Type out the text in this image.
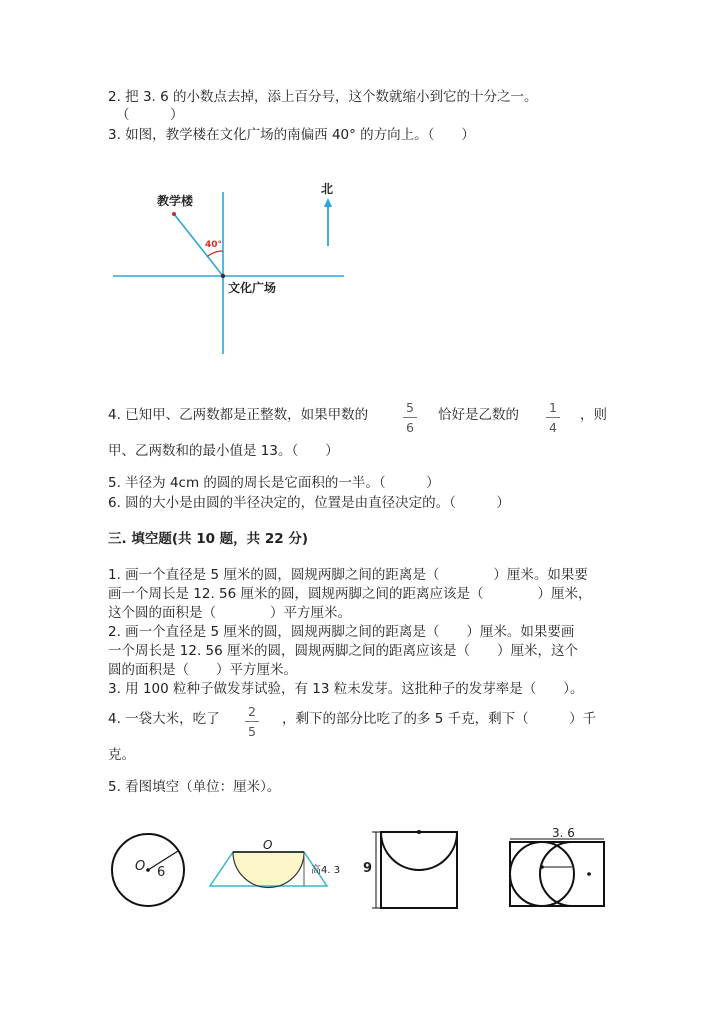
2. 把 3. 6 的小数点去掉，添上百分号，这个数就缩小到它的十分之一。
（　　　）
3. 如图，教学楼在文化广场的南偏西 40° 的方向上。（　　）
教学楼
北
40°
文化广场
4. 已知甲、乙两数都是正整数，如果甲数的	5
6
恰好是乙数的 1
4
，则
甲、乙两数和的最小值是 13。（　　）
5. 半径为 4cm 的圆的周长是它面积的一半。（　　　）
6. 圆的大小是由圆的半径决定的，位置是由直径决定的。（　　　）
三. 填空题(共 10 题，共 22 分)
1. 画一个直径是 5 厘米的圆，圆规两脚之间的距离是（　　　　）厘米。如果要
画一个周长是 12. 56 厘米的圆，圆规两脚之间的距离应该是（　　　　）厘米，
这个圆的面积是（　　　　）平方厘米。
2. 画一个直径是 5 厘米的圆，圆规两脚之间的距离是（　　）厘米。如果要画
一个周长是 12. 56 厘米的圆，圆规两脚之间的距离应该是（　　）厘米，这个
圆的面积是（　　）平方厘米。
3. 用 100 粒种子做发芽试验，有 13 粒未发芽。这批种子的发芽率是（　　）。
4. 一袋大米，吃了 2
5
，剩下的部分比吃了的多 5 千克，剩下（　　　）千
克。
5. 看图填空（单位：厘米）。
O 6
O
高4. 3 9
3. 6
